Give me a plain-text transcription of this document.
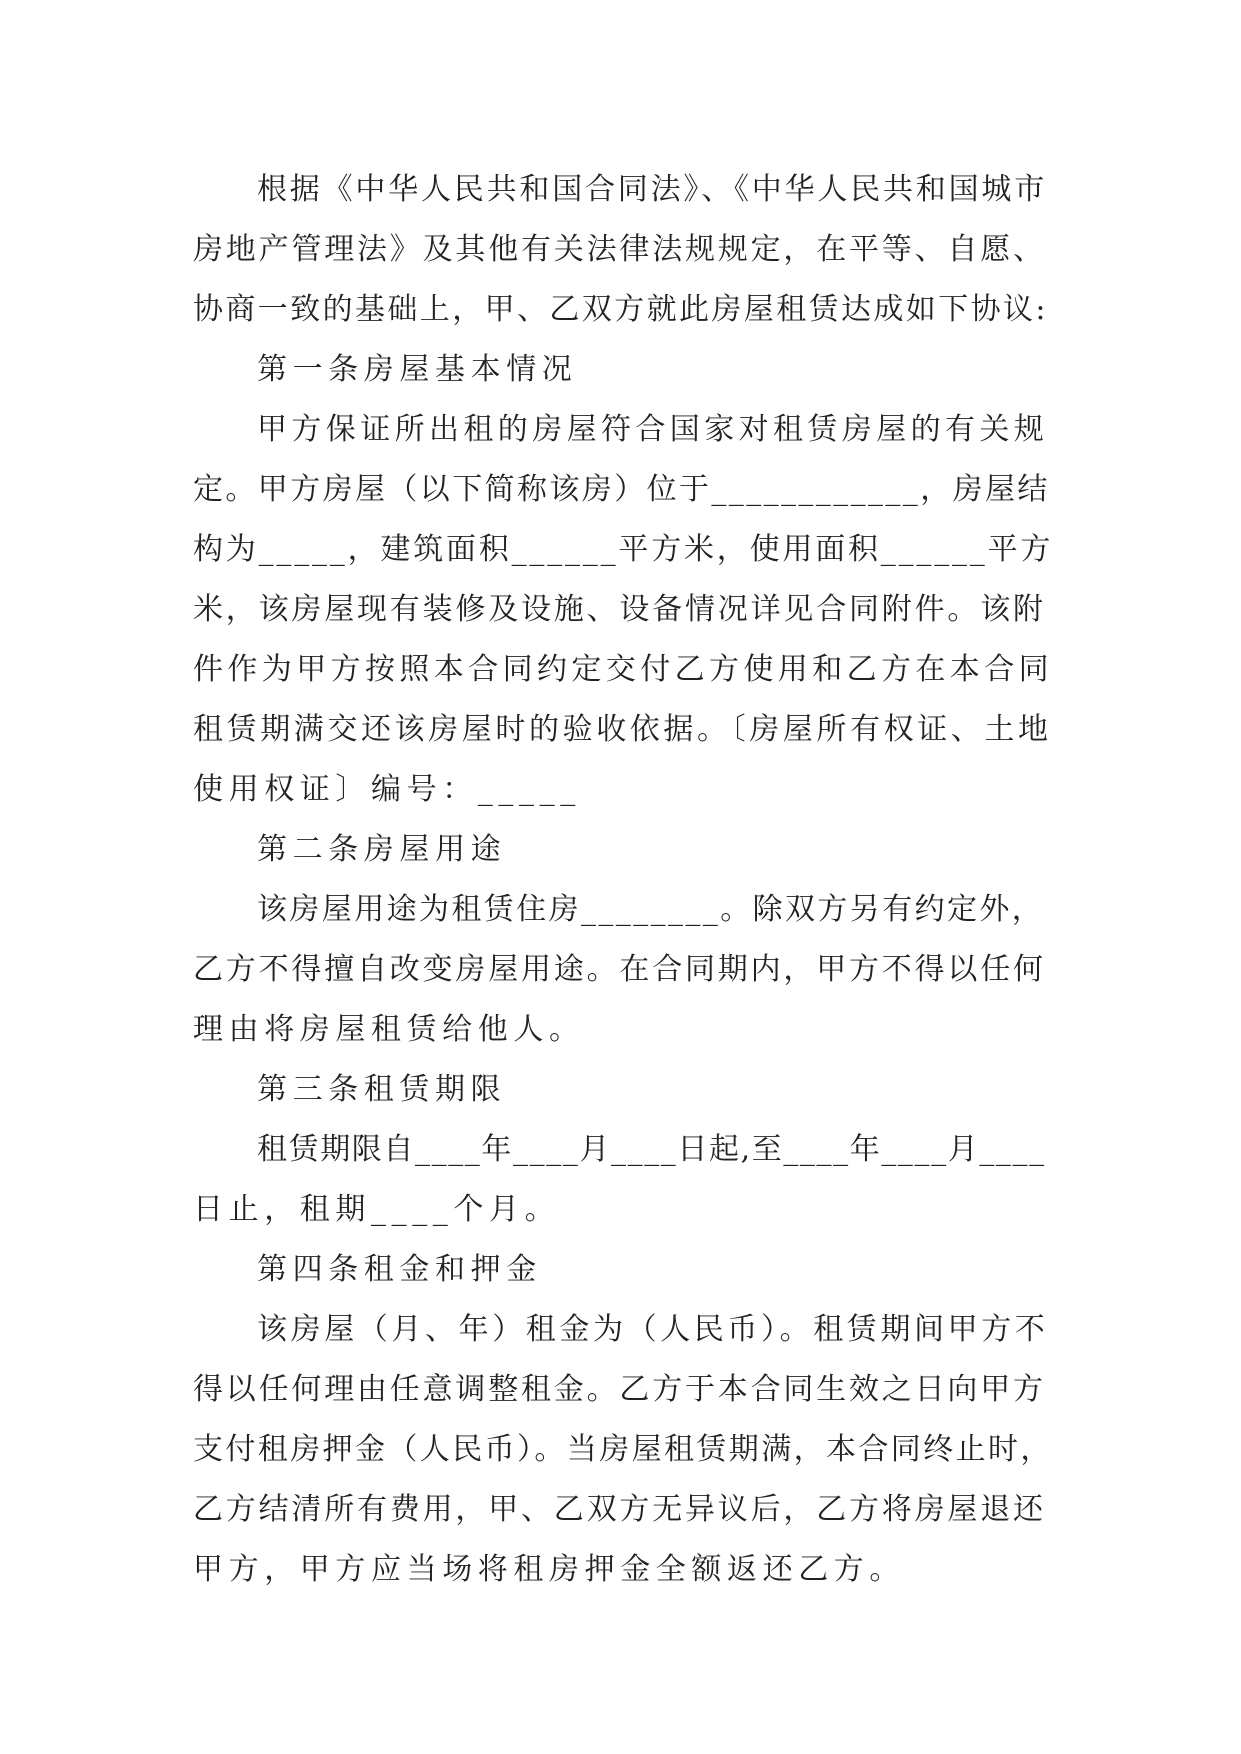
根据《中华人民共和国合同法》、《中华人民共和国城市
房地产管理法》及其他有关法律法规规定，在平等、自愿、
协商一致的基础上，甲、乙双方就此房屋租赁达成如下协议:
第一条房屋基本情况
甲方保证所出租的房屋符合国家对租赁房屋的有关规
定。甲方房屋（以下简称该房）位于____________，房屋结
构为_____，建筑面积______平方米，使用面积______平方
米，该房屋现有装修及设施、设备情况详见合同附件。该附
件作为甲方按照本合同约定交付乙方使用和乙方在本合同
租赁期满交还该房屋时的验收依据。〔房屋所有权证、土地
使用权证〕编号：_____
第二条房屋用途
该房屋用途为租赁住房________。除双方另有约定外，
乙方不得擅自改变房屋用途。在合同期内，甲方不得以任何
理由将房屋租赁给他人。
第三条租赁期限
租赁期限自____年____月____日起,至____年____月____
日止，租期____个月。
第四条租金和押金
该房屋（月、年）租金为（人民币）。租赁期间甲方不
得以任何理由任意调整租金。乙方于本合同生效之日向甲方
支付租房押金（人民币）。当房屋租赁期满，本合同终止时，
乙方结清所有费用，甲、乙双方无异议后，乙方将房屋退还
甲方，甲方应当场将租房押金全额返还乙方。
